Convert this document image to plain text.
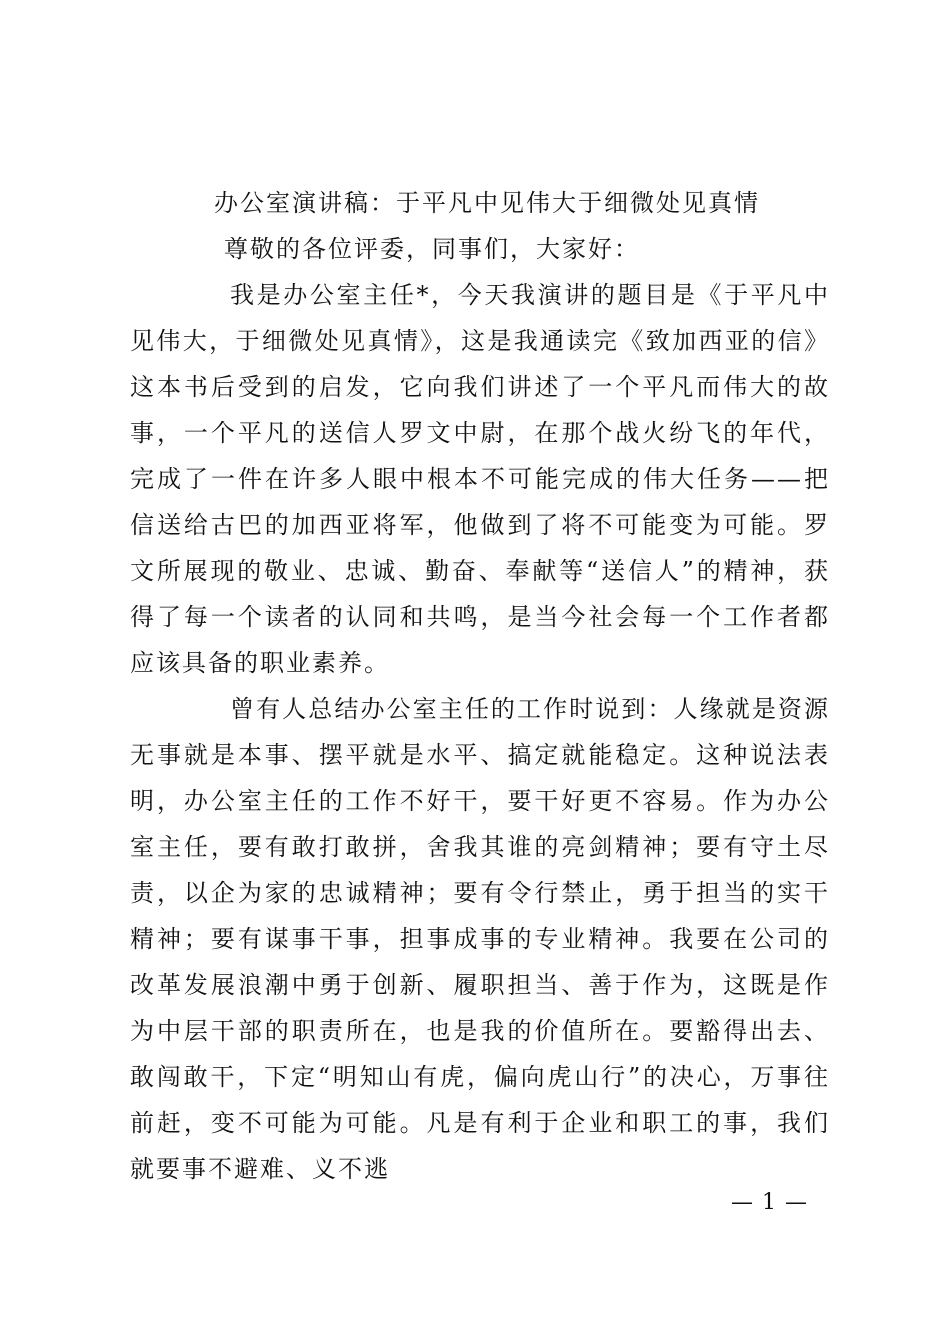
办公室演讲稿：于平凡中见伟大于细微处见真情

尊敬的各位评委，同事们，大家好：

我是办公室主任*，今天我演讲的题目是《于平凡中见伟大，于细微处见真情》，这是我通读完《致加西亚的信》这本书后受到的启发，它向我们讲述了一个平凡而伟大的故事，一个平凡的送信人罗文中尉，在那个战火纷飞的年代，完成了一件在许多人眼中根本不可能完成的伟大任务——把信送给古巴的加西亚将军，他做到了将不可能变为可能。罗文所展现的敬业、忠诚、勤奋、奉献等“送信人”的精神，获得了每一个读者的认同和共鸣，是当今社会每一个工作者都应该具备的职业素养。

曾有人总结办公室主任的工作时说到：人缘就是资源无事就是本事、摆平就是水平、搞定就能稳定。这种说法表明，办公室主任的工作不好干，要干好更不容易。作为办公室主任，要有敢打敢拼，舍我其谁的亮剑精神；要有守土尽责，以企为家的忠诚精神；要有令行禁止，勇于担当的实干精神；要有谋事干事，担事成事的专业精神。我要在公司的改革发展浪潮中勇于创新、履职担当、善于作为，这既是作为中层干部的职责所在，也是我的价值所在。要豁得出去、敢闯敢干，下定“明知山有虎，偏向虎山行”的决心，万事往前赶，变不可能为可能。凡是有利于企业和职工的事，我们就要事不避难、义不逃

— 1 —
